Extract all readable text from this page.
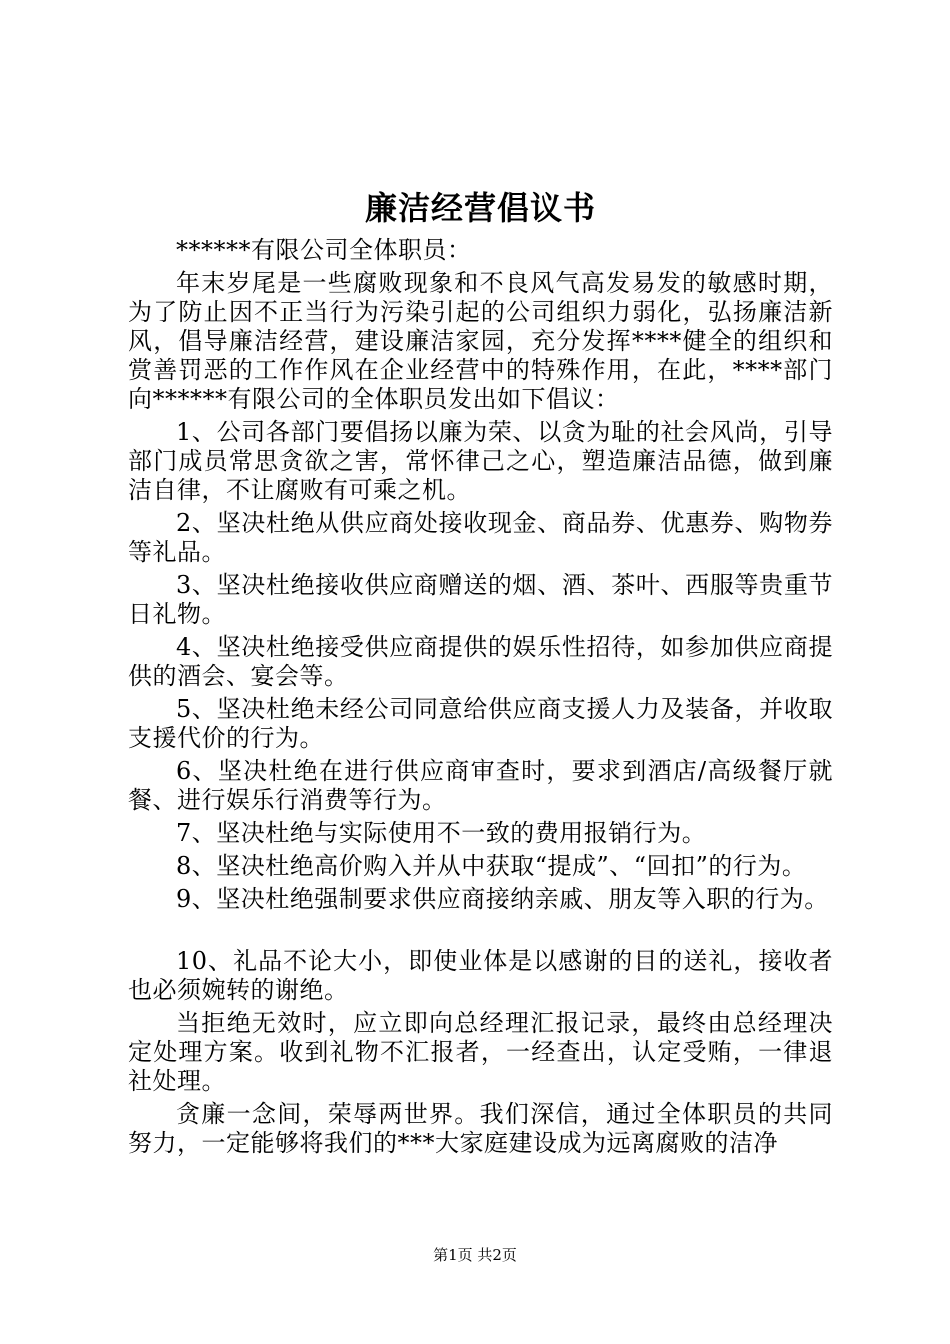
廉洁经营倡议书

******有限公司全体职员：

年末岁尾是一些腐败现象和不良风气高发易发的敏感时期，为了防止因不正当行为污染引起的公司组织力弱化，弘扬廉洁新风，倡导廉洁经营，建设廉洁家园，充分发挥****健全的组织和赏善罚恶的工作作风在企业经营中的特殊作用，在此，****部门向******有限公司的全体职员发出如下倡议：

1、公司各部门要倡扬以廉为荣、以贪为耻的社会风尚，引导部门成员常思贪欲之害，常怀律己之心，塑造廉洁品德，做到廉洁自律，不让腐败有可乘之机。

2、坚决杜绝从供应商处接收现金、商品券、优惠券、购物券等礼品。

3、坚决杜绝接收供应商赠送的烟、酒、茶叶、西服等贵重节日礼物。

4、坚决杜绝接受供应商提供的娱乐性招待，如参加供应商提供的酒会、宴会等。

5、坚决杜绝未经公司同意给供应商支援人力及装备，并收取支援代价的行为。

6、坚决杜绝在进行供应商审查时，要求到酒店/高级餐厅就餐、进行娱乐行消费等行为。

7、坚决杜绝与实际使用不一致的费用报销行为。

8、坚决杜绝高价购入并从中获取“提成”、“回扣”的行为。

9、坚决杜绝强制要求供应商接纳亲戚、朋友等入职的行为。

10、礼品不论大小，即使业体是以感谢的目的送礼，接收者也必须婉转的谢绝。

当拒绝无效时，应立即向总经理汇报记录，最终由总经理决定处理方案。收到礼物不汇报者，一经查出，认定受贿，一律退社处理。

贪廉一念间，荣辱两世界。我们深信，通过全体职员的共同努力，一定能够将我们的***大家庭建设成为远离腐败的洁净

第1页 共2页
